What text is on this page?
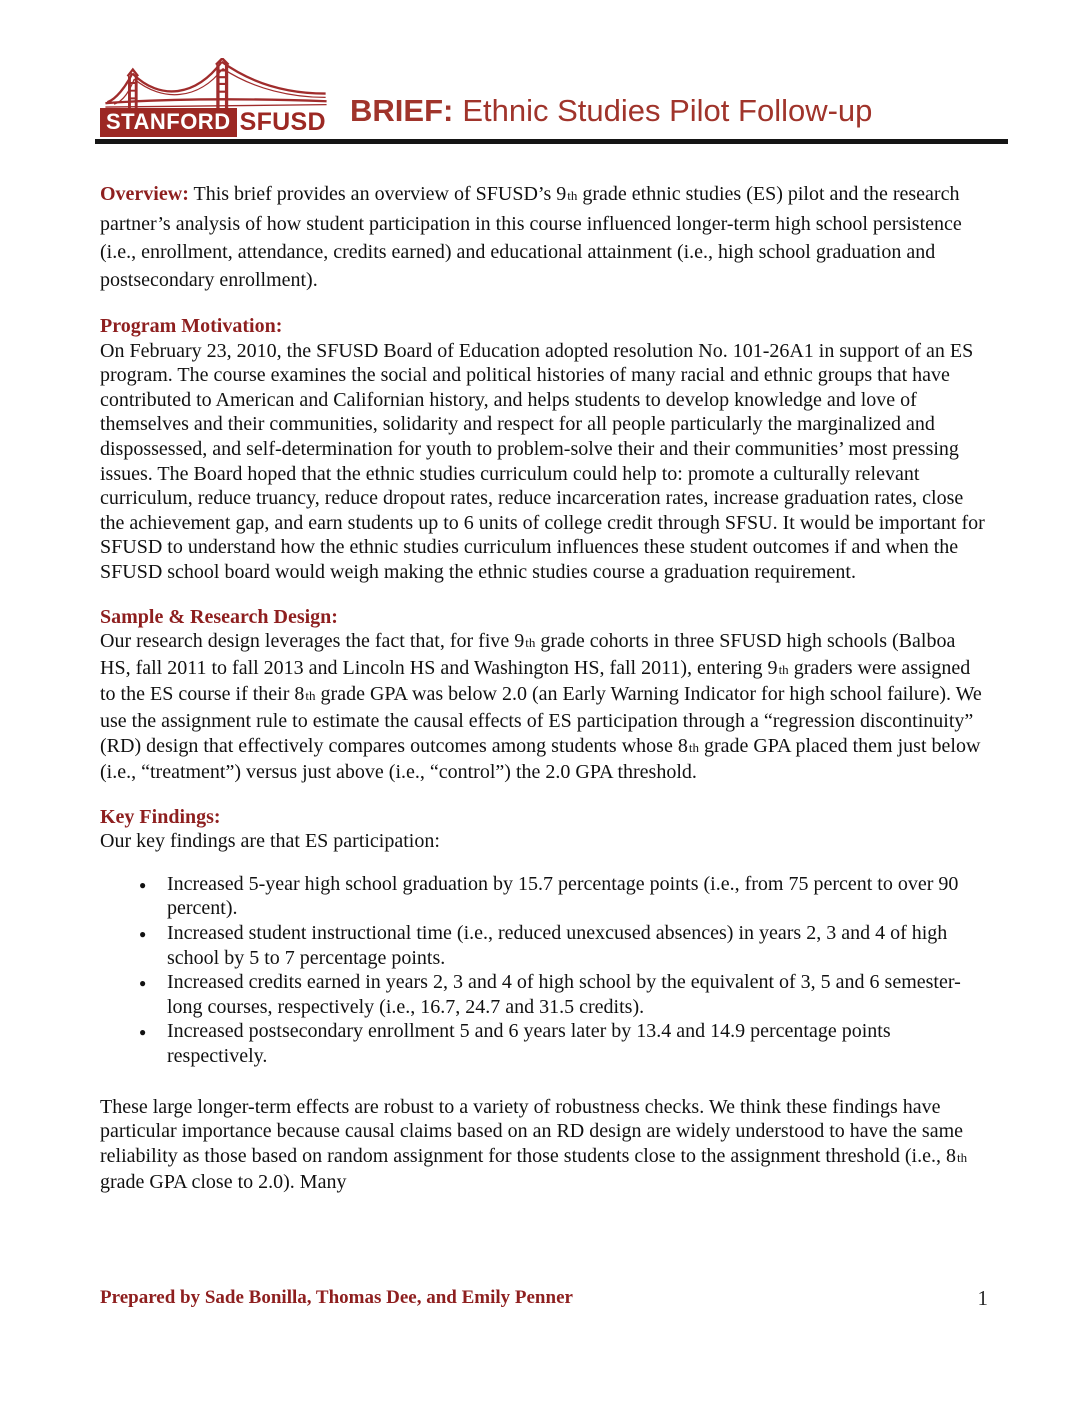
STANFORD SFUSD BRIEF: Ethnic Studies Pilot Follow-up

Overview: This brief provides an overview of SFUSD’s 9th grade ethnic studies (ES) pilot and the research partner’s analysis of how student participation in this course influenced longer-term high school persistence (i.e., enrollment, attendance, credits earned) and educational attainment (i.e., high school graduation and postsecondary enrollment).

Program Motivation:

On February 23, 2010, the SFUSD Board of Education adopted resolution No. 101-26A1 in support of an ES program. The course examines the social and political histories of many racial and ethnic groups that have contributed to American and Californian history, and helps students to develop knowledge and love of themselves and their communities, solidarity and respect for all people particularly the marginalized and dispossessed, and self-determination for youth to problem-solve their and their communities’ most pressing issues. The Board hoped that the ethnic studies curriculum could help to: promote a culturally relevant curriculum, reduce truancy, reduce dropout rates, reduce incarceration rates, increase graduation rates, close the achievement gap, and earn students up to 6 units of college credit through SFSU. It would be important for SFUSD to understand how the ethnic studies curriculum influences these student outcomes if and when the SFUSD school board would weigh making the ethnic studies course a graduation requirement.

Sample & Research Design:

Our research design leverages the fact that, for five 9th grade cohorts in three SFUSD high schools (Balboa HS, fall 2011 to fall 2013 and Lincoln HS and Washington HS, fall 2011), entering 9th graders were assigned to the ES course if their 8th grade GPA was below 2.0 (an Early Warning Indicator for high school failure). We use the assignment rule to estimate the causal effects of ES participation through a “regression discontinuity” (RD) design that effectively compares outcomes among students whose 8th grade GPA placed them just below (i.e., “treatment”) versus just above (i.e., “control”) the 2.0 GPA threshold.

Key Findings:

Our key findings are that ES participation:

● Increased 5-year high school graduation by 15.7 percentage points (i.e., from 75 percent to over 90 percent).
● Increased student instructional time (i.e., reduced unexcused absences) in years 2, 3 and 4 of high school by 5 to 7 percentage points.
● Increased credits earned in years 2, 3 and 4 of high school by the equivalent of 3, 5 and 6 semester-long courses, respectively (i.e., 16.7, 24.7 and 31.5 credits).
● Increased postsecondary enrollment 5 and 6 years later by 13.4 and 14.9 percentage points respectively.

These large longer-term effects are robust to a variety of robustness checks. We think these findings have particular importance because causal claims based on an RD design are widely understood to have the same reliability as those based on random assignment for those students close to the assignment threshold (i.e., 8th grade GPA close to 2.0). Many

Prepared by Sade Bonilla, Thomas Dee, and Emily Penner	1
